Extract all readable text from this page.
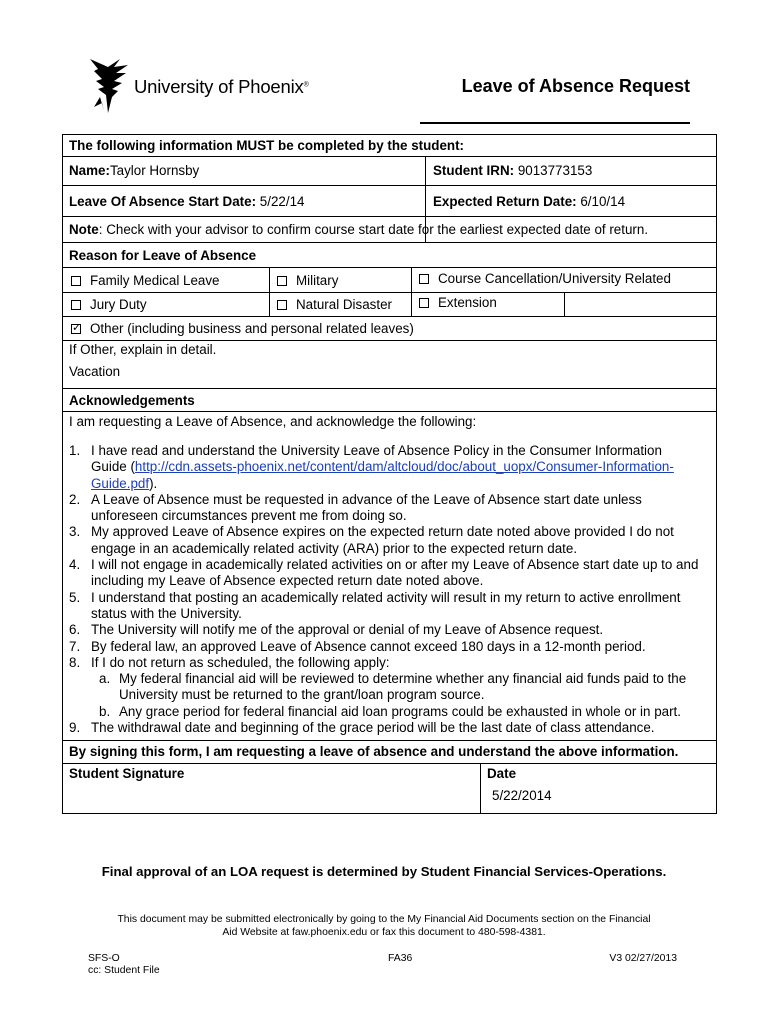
University of Phoenix®	Leave of Absence Request
The following information MUST be completed by the student:
Name:Taylor Hornsby	Student IRN: 9013773153
Leave Of Absence Start Date: 5/22/14	Expected Return Date: 6/10/14
Note: Check with your advisor to confirm course start date for the earliest expected date of return.
Reason for Leave of Absence
Family Medical Leave	Military	Course Cancellation/University Related
Jury Duty	Natural Disaster	Extension
✓Other (including business and personal related leaves)
If Other, explain in detail.
Vacation
Acknowledgements
I am requesting a Leave of Absence, and acknowledge the following:
1. I have read and understand the University Leave of Absence Policy in the Consumer Information
Guide (http://cdn.assets-phoenix.net/content/dam/altcloud/doc/about_uopx/Consumer-Information-
Guide.pdf).
2. A Leave of Absence must be requested in advance of the Leave of Absence start date unless unforeseen circumstances prevent me from doing so.
3. My approved Leave of Absence expires on the expected return date noted above provided I do not engage in an academically related activity (ARA) prior to the expected return date.
4. I will not engage in academically related activities on or after my Leave of Absence start date up to and including my Leave of Absence expected return date noted above.
5. I understand that posting an academically related activity will result in my return to active enrollment status with the University.
6. The University will notify me of the approval or denial of my Leave of Absence request.
7. By federal law, an approved Leave of Absence cannot exceed 180 days in a 12-month period.
8. If I do not return as scheduled, the following apply:
a. My federal financial aid will be reviewed to determine whether any financial aid funds paid to the University must be returned to the grant/loan program source.
b. Any grace period for federal financial aid loan programs could be exhausted in whole or in part.
9. The withdrawal date and beginning of the grace period will be the last date of class attendance.
By signing this form, I am requesting a leave of absence and understand the above information.
Student Signature	Date
5/22/2014
Final approval of an LOA request is determined by Student Financial Services-Operations.
This document may be submitted electronically by going to the My Financial Aid Documents section on the Financial
Aid Website at faw.phoenix.edu or fax this document to 480-598-4381.
SFS-O
cc: Student File
FA36	V3 02/27/2013
